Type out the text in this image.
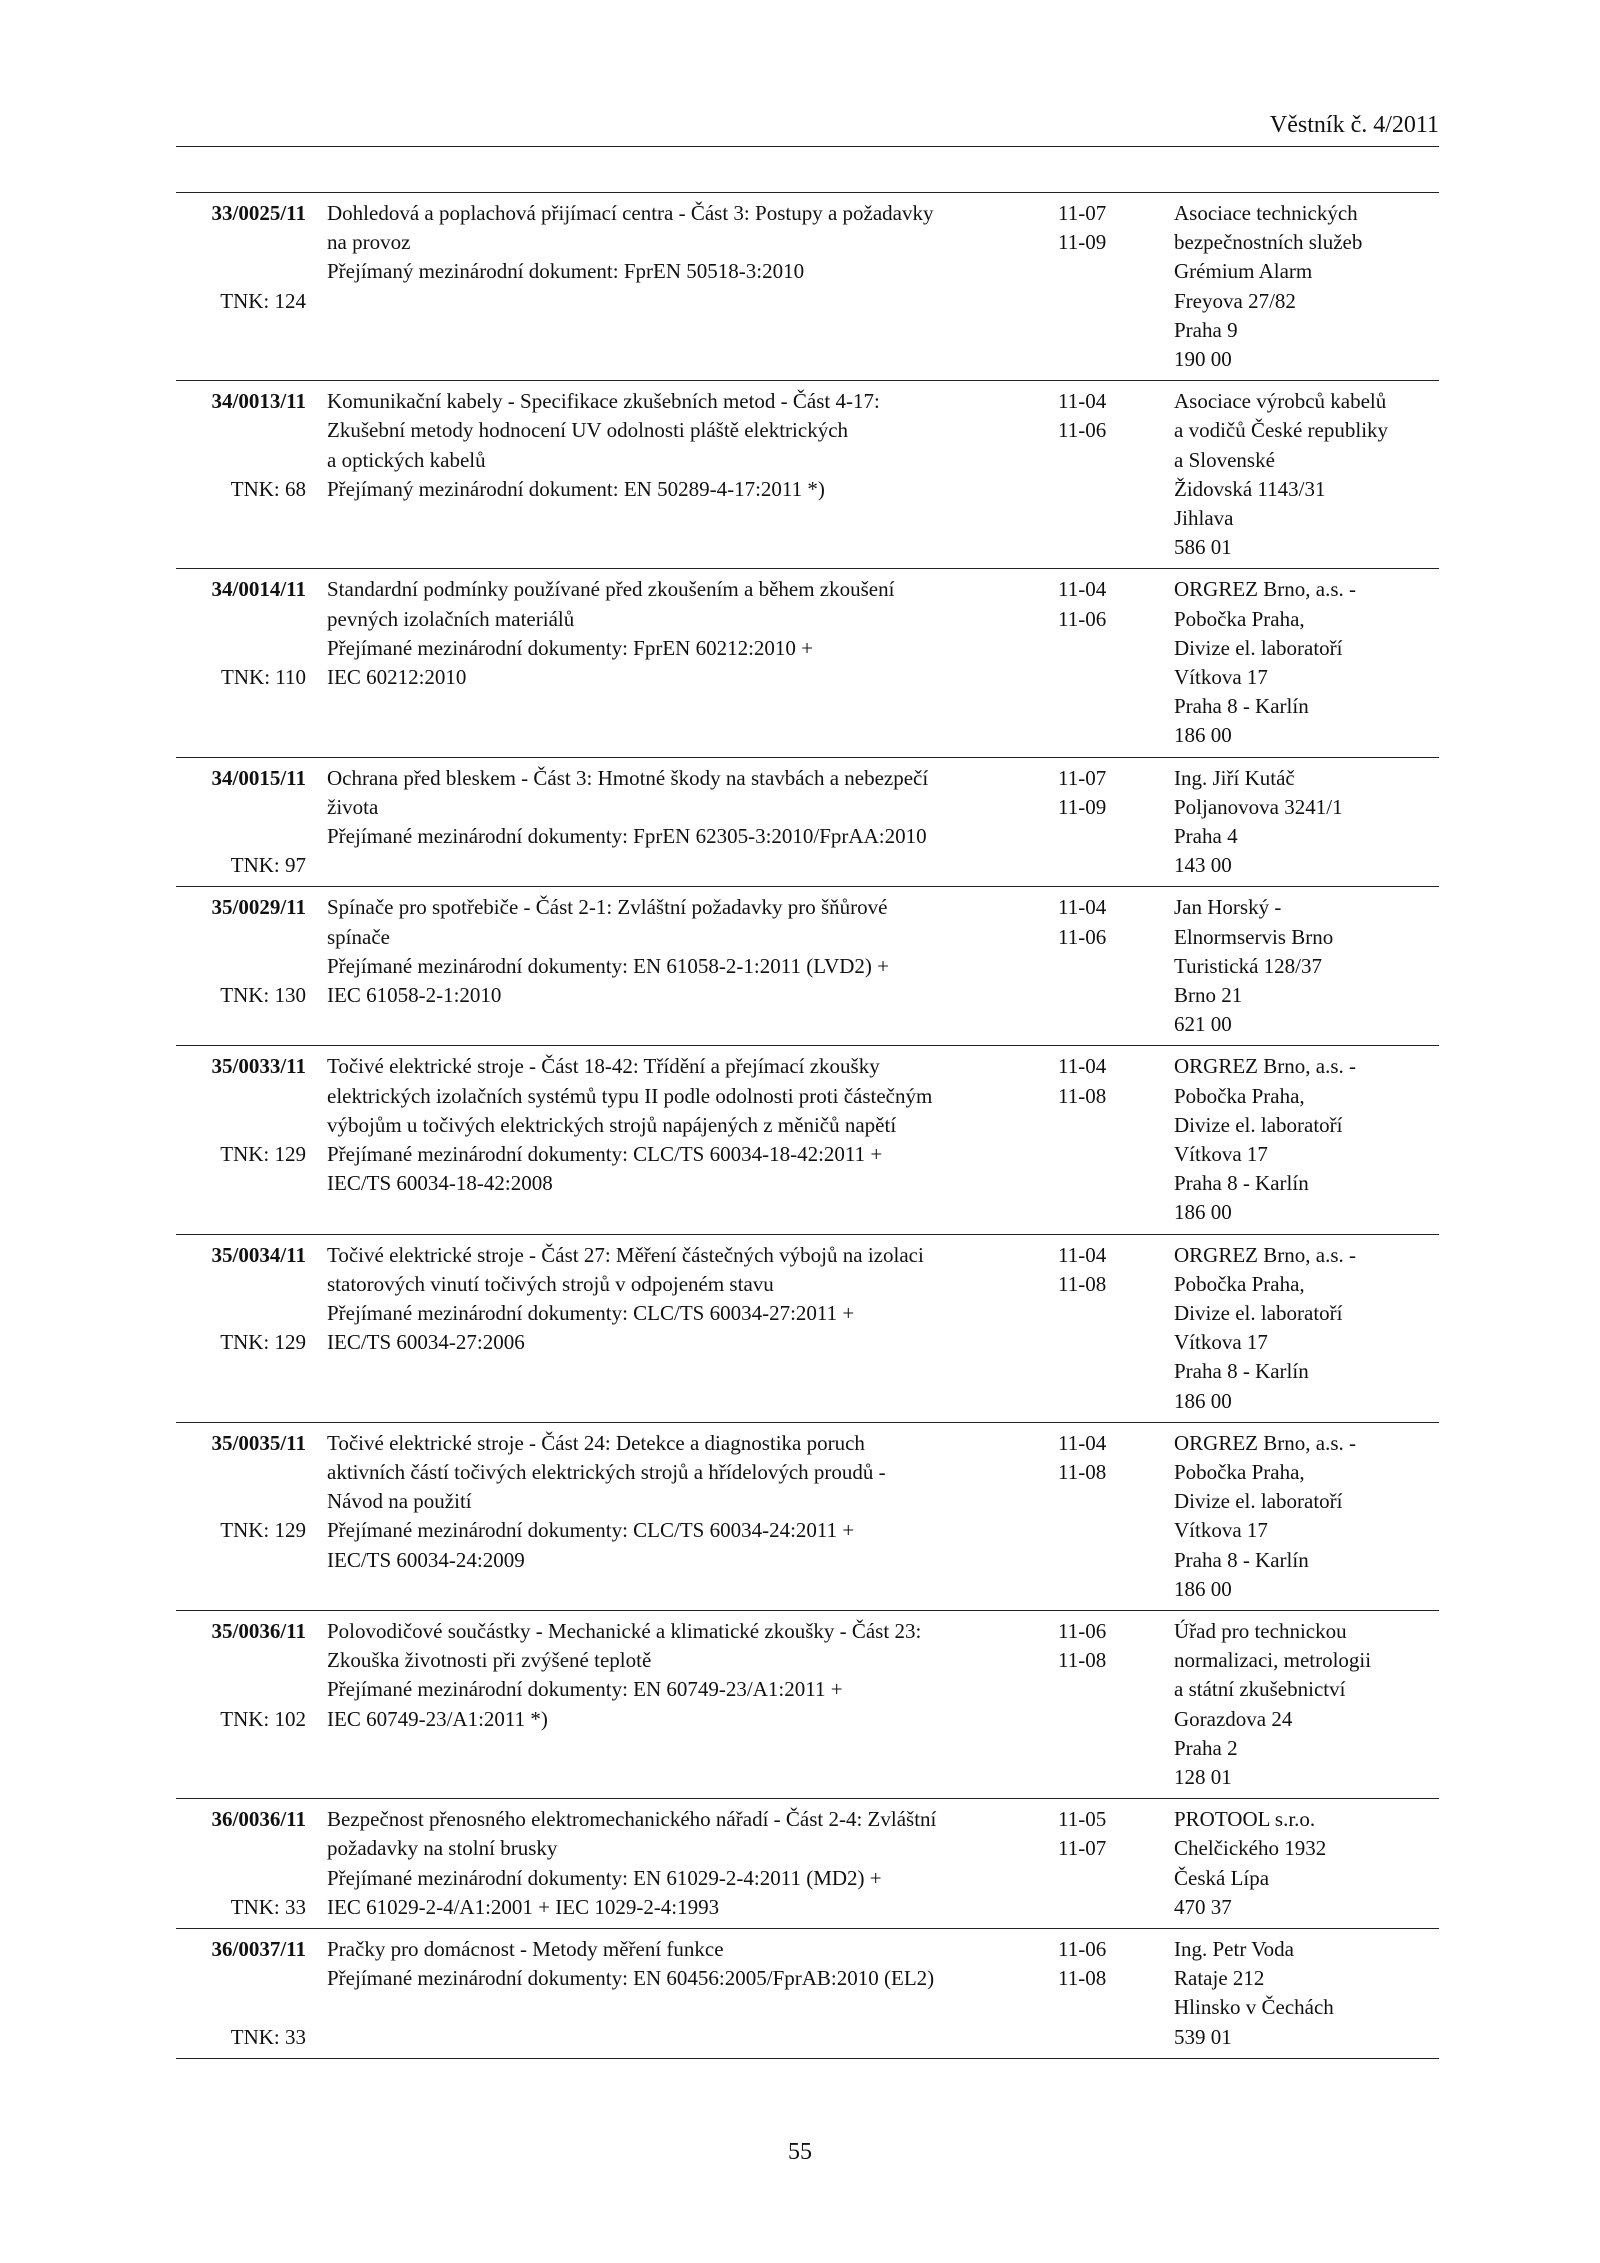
Věstník č. 4/2011
33/0025/11
TNK: 124
Dohledová a poplachová přijímací centra - Část 3: Postupy a požadavky
na provoz
Přejímaný mezinárodní dokument: FprEN 50518-3:2010
11-07
11-09
Asociace technických
bezpečnostních služeb
Grémium Alarm
Freyova 27/82
Praha 9
190 00
34/0013/11
TNK: 68
Komunikační kabely - Specifikace zkušebních metod - Část 4-17:
Zkušební metody hodnocení UV odolnosti pláště elektrických
a optických kabelů
Přejímaný mezinárodní dokument: EN 50289-4-17:2011 *)
11-04
11-06
Asociace výrobců kabelů
a vodičů České republiky
a Slovenské
Židovská 1143/31
Jihlava
586 01
34/0014/11
TNK: 110
Standardní podmínky používané před zkoušením a během zkoušení
pevných izolačních materiálů
Přejímané mezinárodní dokumenty: FprEN 60212:2010 +
IEC 60212:2010
11-04
11-06
ORGREZ Brno, a.s. -
Pobočka Praha,
Divize el. laboratoří
Vítkova 17
Praha 8 - Karlín
186 00
34/0015/11
TNK: 97
Ochrana před bleskem - Část 3: Hmotné škody na stavbách a nebezpečí
života
Přejímané mezinárodní dokumenty: FprEN 62305-3:2010/FprAA:2010
11-07
11-09
Ing. Jiří Kutáč
Poljanovova 3241/1
Praha 4
143 00
35/0029/11
TNK: 130
Spínače pro spotřebiče - Část 2-1: Zvláštní požadavky pro šňůrové
spínače
Přejímané mezinárodní dokumenty: EN 61058-2-1:2011 (LVD2) +
IEC 61058-2-1:2010
11-04
11-06
Jan Horský -
Elnormservis Brno
Turistická 128/37
Brno 21
621 00
35/0033/11
TNK: 129
Točivé elektrické stroje - Část 18-42: Třídění a přejímací zkoušky
elektrických izolačních systémů typu II podle odolnosti proti částečným
výbojům u točivých elektrických strojů napájených z měničů napětí
Přejímané mezinárodní dokumenty: CLC/TS 60034-18-42:2011 +
IEC/TS 60034-18-42:2008
11-04
11-08
ORGREZ Brno, a.s. -
Pobočka Praha,
Divize el. laboratoří
Vítkova 17
Praha 8 - Karlín
186 00
35/0034/11
TNK: 129
Točivé elektrické stroje - Část 27: Měření částečných výbojů na izolaci
statorových vinutí točivých strojů v odpojeném stavu
Přejímané mezinárodní dokumenty: CLC/TS 60034-27:2011 +
IEC/TS 60034-27:2006
11-04
11-08
ORGREZ Brno, a.s. -
Pobočka Praha,
Divize el. laboratoří
Vítkova 17
Praha 8 - Karlín
186 00
35/0035/11
TNK: 129
Točivé elektrické stroje - Část 24: Detekce a diagnostika poruch
aktivních částí točivých elektrických strojů a hřídelových proudů -
Návod na použití
Přejímané mezinárodní dokumenty: CLC/TS 60034-24:2011 +
IEC/TS 60034-24:2009
11-04
11-08
ORGREZ Brno, a.s. -
Pobočka Praha,
Divize el. laboratoří
Vítkova 17
Praha 8 - Karlín
186 00
35/0036/11
TNK: 102
Polovodičové součástky - Mechanické a klimatické zkoušky - Část 23:
Zkouška životnosti při zvýšené teplotě
Přejímané mezinárodní dokumenty: EN 60749-23/A1:2011 +
IEC 60749-23/A1:2011 *)
11-06
11-08
Úřad pro technickou
normalizaci, metrologii
a státní zkušebnictví
Gorazdova 24
Praha 2
128 01
36/0036/11
TNK: 33
Bezpečnost přenosného elektromechanického nářadí - Část 2-4: Zvláštní
požadavky na stolní brusky
Přejímané mezinárodní dokumenty: EN 61029-2-4:2011 (MD2) +
IEC 61029-2-4/A1:2001 + IEC 1029-2-4:1993
11-05
11-07
PROTOOL s.r.o.
Chelčického 1932
Česká Lípa
470 37
36/0037/11
TNK: 33
Pračky pro domácnost - Metody měření funkce
Přejímané mezinárodní dokumenty: EN 60456:2005/FprAB:2010 (EL2)
11-06
11-08
Ing. Petr Voda
Rataje 212
Hlinsko v Čechách
539 01
55
